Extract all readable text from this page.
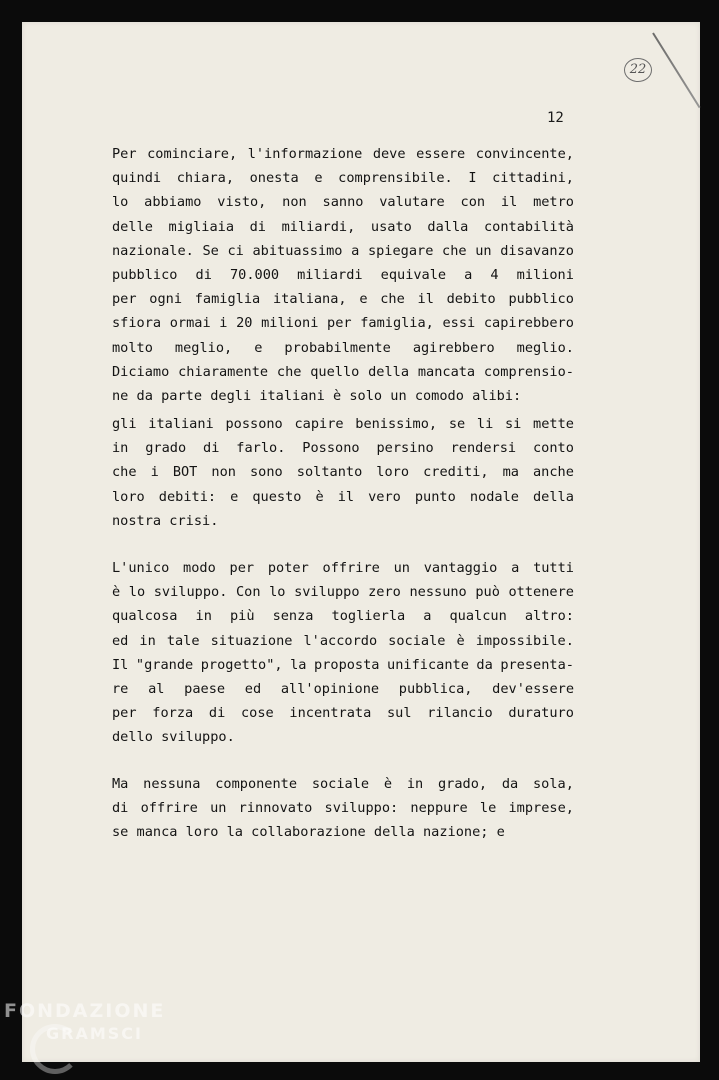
22
12
Per cominciare, l'informazione deve essere convincente,
quindi chiara, onesta e comprensibile. I cittadini,
lo abbiamo visto, non sanno valutare con il metro
delle migliaia di miliardi, usato dalla contabilità
nazionale. Se ci abituassimo a spiegare che un disavanzo
pubblico di 70.000 miliardi equivale a 4 milioni
per ogni famiglia italiana, e che il debito pubblico
sfiora ormai i 20 milioni per famiglia, essi capirebbero
molto meglio, e probabilmente agirebbero meglio.
Diciamo chiaramente che quello della mancata comprensio-
ne da parte degli italiani è solo un comodo alibi:
gli italiani possono capire benissimo, se li si mette
in grado di farlo. Possono persino rendersi conto
che i BOT non sono soltanto loro crediti, ma anche
loro debiti: e questo è il vero punto nodale della
nostra crisi.
L'unico modo per poter offrire un vantaggio a tutti
è lo sviluppo. Con lo sviluppo zero nessuno può ottenere
qualcosa in più senza toglierla a qualcun altro:
ed in tale situazione l'accordo sociale è impossibile.
Il "grande progetto", la proposta unificante da presenta-
re al paese ed all'opinione pubblica, dev'essere
per forza di cose incentrata sul rilancio duraturo
dello sviluppo.
Ma nessuna componente sociale è in grado, da sola,
di offrire un rinnovato sviluppo: neppure le imprese,
se manca loro la collaborazione della nazione; e
FONDAZIONE
GRAMSCI
